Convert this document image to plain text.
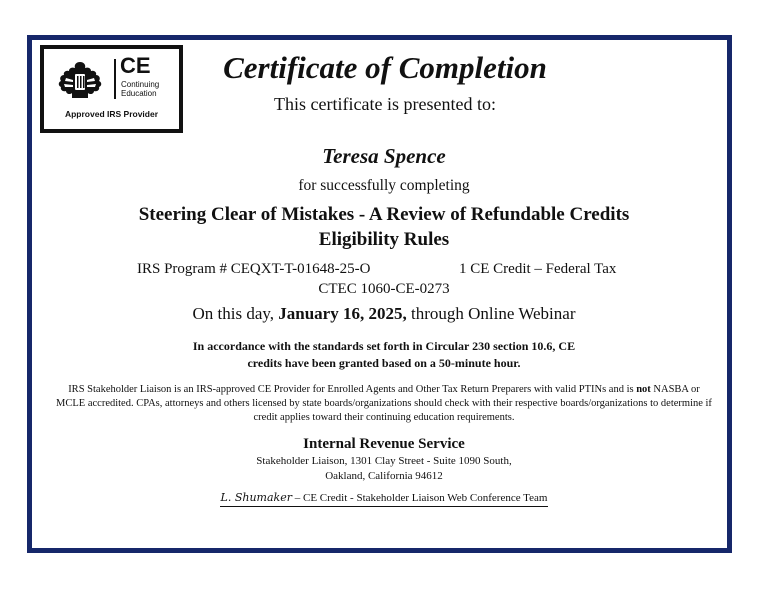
CE
Continuing
Education
Approved IRS Provider
Certificate of Completion
This certificate is presented to:
Teresa Spence
for successfully completing
Steering Clear of Mistakes - A Review of Refundable Credits
Eligibility Rules
IRS Program # CEQXT-T-01648-25-O	1 CE Credit – Federal Tax
CTEC 1060-CE-0273
On this day, January 16, 2025, through Online Webinar
In accordance with the standards set forth in Circular 230 section 10.6, CE
credits have been granted based on a 50-minute hour.
IRS Stakeholder Liaison is an IRS-approved CE Provider for Enrolled Agents and Other Tax Return Preparers with valid PTINs and is not NASBA or MCLE accredited. CPAs, attorneys and others licensed by state boards/organizations should check with their respective boards/organizations to determine if credit applies toward their continuing education requirements.
Internal Revenue Service
Stakeholder Liaison, 1301 Clay Street - Suite 1090 South,
Oakland, California 94612
L. Shumaker – CE Credit - Stakeholder Liaison Web Conference Team
